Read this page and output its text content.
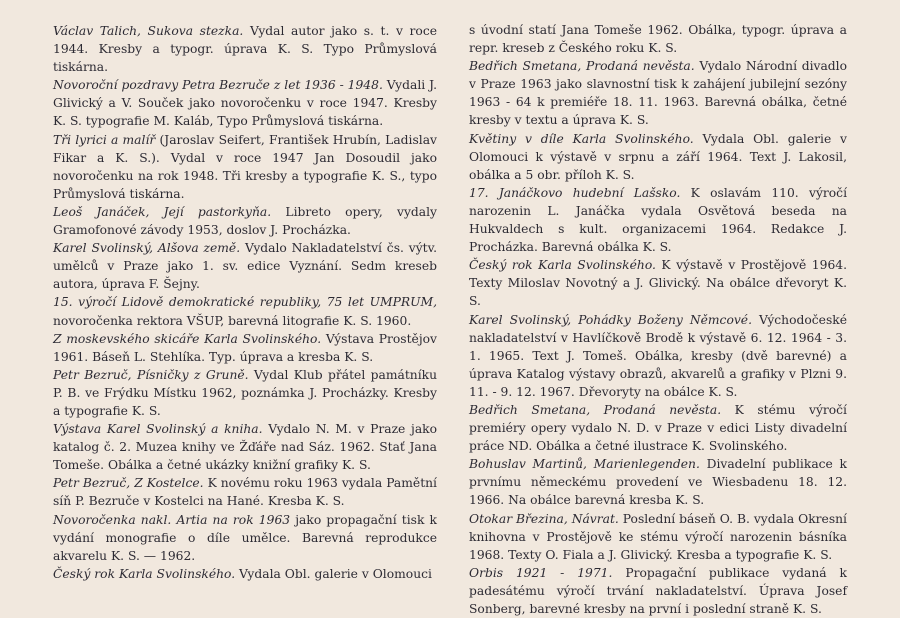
Václav Talich, Sukova stezka. Vydal autor jako s. t. v roce 1944. Kresby a typogr. úprava K. S. Typo Průmyslová tiskárna.

Novoroční pozdravy Petra Bezruče z let 1936 - 1948. Vydali J. Glivický a V. Souček jako novoročenku v roce 1947. Kresby K. S. typografie M. Kaláb, Typo Průmyslová tiskárna.

Tři lyrici a malíř (Jaroslav Seifert, František Hrubín, Ladislav Fikar a K. S.). Vydal v roce 1947 Jan Dosoudil jako novoročenku na rok 1948. Tři kresby a typografie K. S., typo Průmyslová tiskárna.

Leoš Janáček, Její pastorkyňa. Libreto opery, vydaly Gramofonové závody 1953, doslov J. Procházka.

Karel Svolinský, Alšova země. Vydalo Nakladatelství čs. výtv. umělců v Praze jako 1. sv. edice Vyznání. Sedm kreseb autora, úprava F. Šejny.

15. výročí Lidově demokratické republiky, 75 let UMPRUM, novoročenka rektora VŠUP, barevná litografie K. S. 1960.

Z moskevského skicáře Karla Svolinského. Výstava Prostějov 1961. Báseň L. Stehlíka. Typ. úprava a kresba K. S.

Petr Bezruč, Písničky z Gruně. Vydal Klub přátel památníku P. B. ve Frýdku Místku 1962, poznámka J. Procházky. Kresby a typografie K. S.

Výstava Karel Svolinský a kniha. Vydalo N. M. v Praze jako katalog č. 2. Muzea knihy ve Žďáře nad Sáz. 1962. Stať Jana Tomeše. Obálka a četné ukázky knižní grafiky K. S.

Petr Bezruč, Z Kostelce. K novému roku 1963 vydala Pamětní síň P. Bezruče v Kostelci na Hané. Kresba K. S.

Novoročenka nakl. Artia na rok 1963 jako propagační tisk k vydání monografie o díle umělce. Barevná reprodukce akvarelu K. S. — 1962.

Český rok Karla Svolinského. Vydala Obl. galerie v Olomouci

s úvodní statí Jana Tomeše 1962. Obálka, typogr. úprava a repr. kreseb z Českého roku K. S.

Bedřich Smetana, Prodaná nevěsta. Vydalo Národní divadlo v Praze 1963 jako slavnostní tisk k zahájení jubilejní sezóny 1963 - 64 k premiéře 18. 11. 1963. Barevná obálka, četné kresby v textu a úprava K. S.

Květiny v díle Karla Svolinského. Vydala Obl. galerie v Olomouci k výstavě v srpnu a září 1964. Text J. Lakosil, obálka a 5 obr. příloh K. S.

17. Janáčkovo hudební Lašsko. K oslavám 110. výročí narozenin L. Janáčka vydala Osvětová beseda na Hukvaldech s kult. organizacemi 1964. Redakce J. Procházka. Barevná obálka K. S.

Český rok Karla Svolinského. K výstavě v Prostějově 1964. Texty Miloslav Novotný a J. Glivický. Na obálce dřevoryt K. S.

Karel Svolinský, Pohádky Boženy Němcové. Východočeské nakladatelství v Havlíčkově Brodě k výstavě 6. 12. 1964 - 3. 1. 1965. Text J. Tomeš. Obálka, kresby (dvě barevné) a úprava Katalog výstavy obrazů, akvarelů a grafiky v Plzni 9. 11. - 9. 12. 1967. Dřevoryty na obálce K. S.

Bedřich Smetana, Prodaná nevěsta. K stému výročí premiéry opery vydalo N. D. v Praze v edici Listy divadelní práce ND. Obálka a četné ilustrace K. Svolinského.

Bohuslav Martinů, Marienlegenden. Divadelní publikace k prvnímu německému provedení ve Wiesbadenu 18. 12. 1966. Na obálce barevná kresba K. S.

Otokar Březina, Návrat. Poslední báseň O. B. vydala Okresní knihovna v Prostějově ke stému výročí narozenin básníka 1968. Texty O. Fiala a J. Glivický. Kresba a typografie K. S.

Orbis 1921 - 1971. Propagační publikace vydaná k padesátému výročí trvání nakladatelství. Úprava Josef Sonberg, barevné kresby na první i poslední straně K. S.
